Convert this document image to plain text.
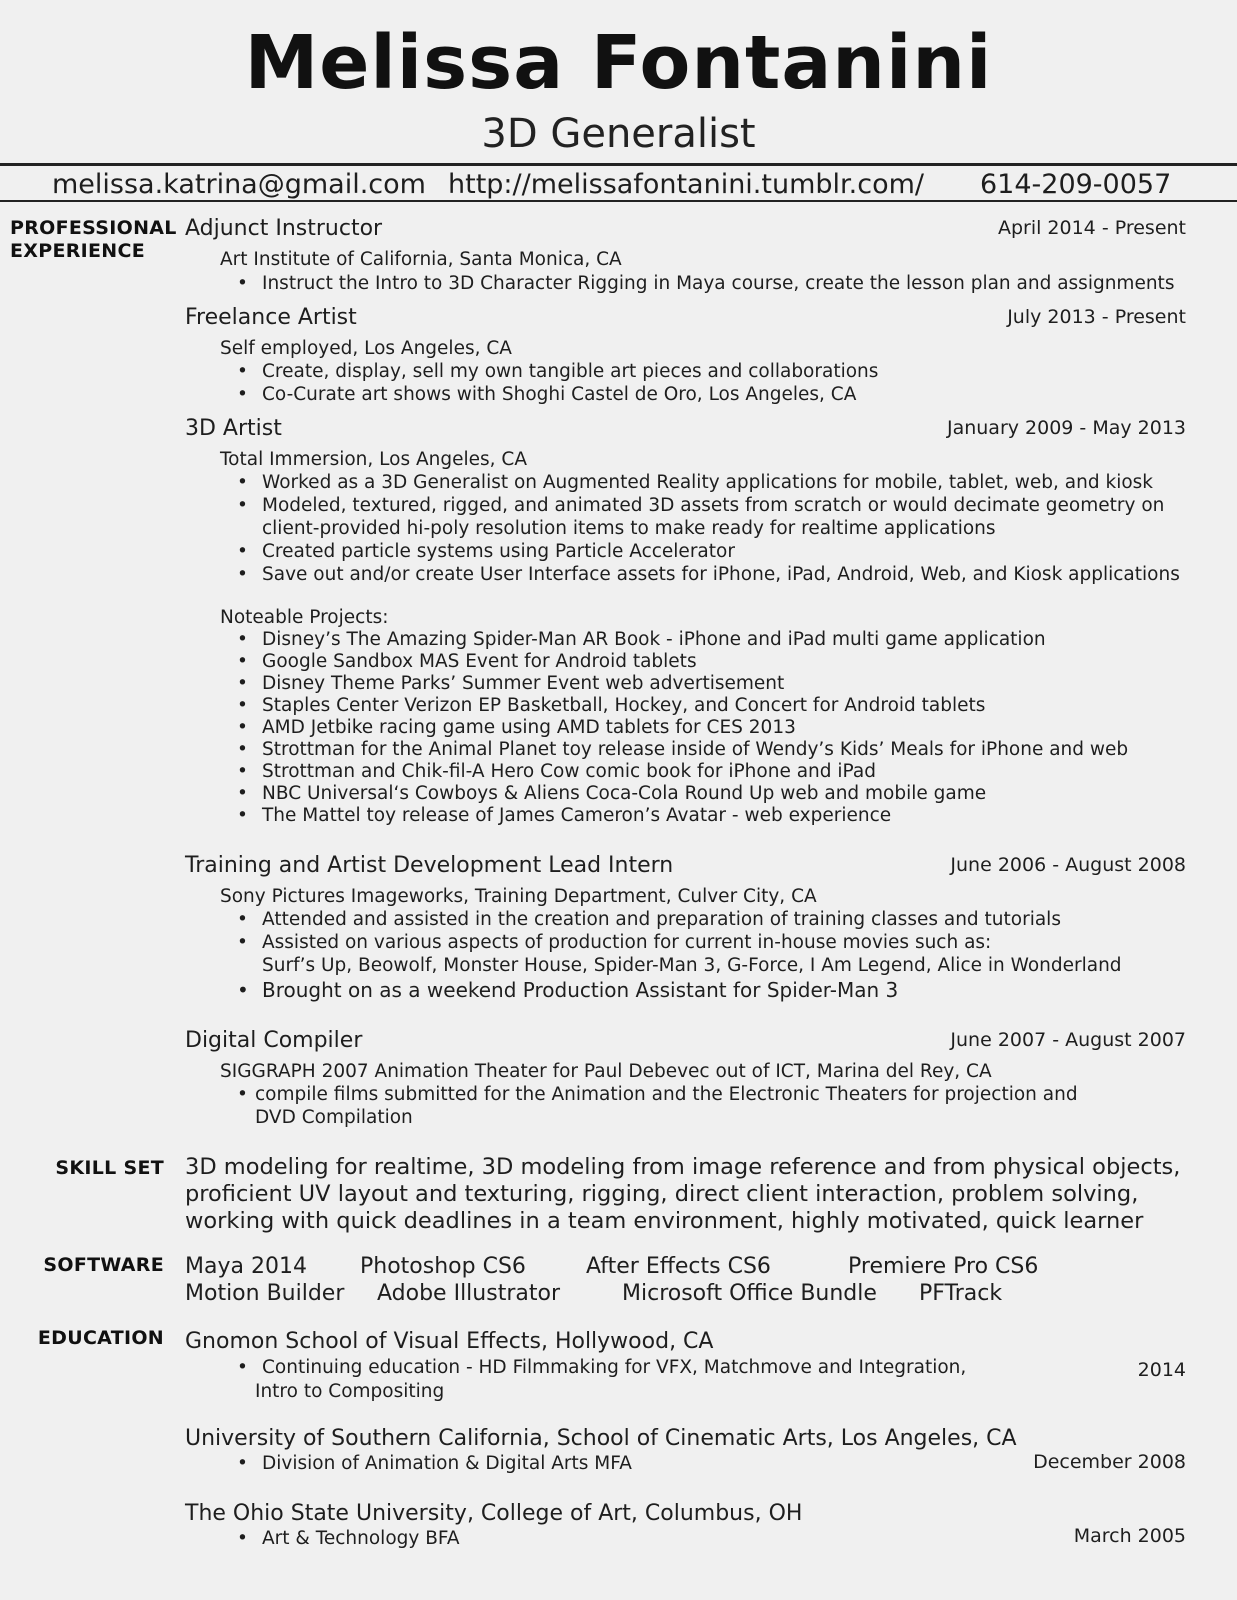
Melissa Fontanini
3D Generalist
melissa.katrina@gmail.com http://melissafontanini.tumblr.com/ 614-209-0057
PROFESSIONAL
EXPERIENCE
SKILL SET
SOFTWARE
EDUCATION
Adjunct Instructor	April 2014 - Present
Art Institute of California, Santa Monica, CA
• Instruct the Intro to 3D Character Rigging in Maya course, create the lesson plan and assignments
Freelance Artist	July 2013 - Present
Self employed, Los Angeles, CA
• Create, display, sell my own tangible art pieces and collaborations
• Co-Curate art shows with Shoghi Castel de Oro, Los Angeles, CA
3D Artist	January 2009 - May 2013
Total Immersion, Los Angeles, CA
• Worked as a 3D Generalist on Augmented Reality applications for mobile, tablet, web, and kiosk
• Modeled, textured, rigged, and animated 3D assets from scratch or would decimate geometry on
client-provided hi-poly resolution items to make ready for realtime applications
• Created particle systems using Particle Accelerator
• Save out and/or create User Interface assets for iPhone, iPad, Android, Web, and Kiosk applications
Noteable Projects:
• Disney’s The Amazing Spider-Man AR Book - iPhone and iPad multi game application
• Google Sandbox MAS Event for Android tablets
• Disney Theme Parks’ Summer Event web advertisement
• Staples Center Verizon EP Basketball, Hockey, and Concert for Android tablets
• AMD Jetbike racing game using AMD tablets for CES 2013
• Strottman for the Animal Planet toy release inside of Wendy’s Kids’ Meals for iPhone and web
• Strottman and Chik-fil-A Hero Cow comic book for iPhone and iPad
• NBC Universal‘s Cowboys & Aliens Coca-Cola Round Up web and mobile game
• The Mattel toy release of James Cameron’s Avatar - web experience
Training and Artist Development Lead Intern	June 2006 - August 2008
Sony Pictures Imageworks, Training Department, Culver City, CA
• Attended and assisted in the creation and preparation of training classes and tutorials
• Assisted on various aspects of production for current in-house movies such as:
Surf’s Up, Beowolf, Monster House, Spider-Man 3, G-Force, I Am Legend, Alice in Wonderland
• Brought on as a weekend Production Assistant for Spider-Man 3
Digital Compiler	June 2007 - August 2007
SIGGRAPH 2007 Animation Theater for Paul Debevec out of ICT, Marina del Rey, CA
• compile films submitted for the Animation and the Electronic Theaters for projection and
DVD Compilation
3D modeling for realtime, 3D modeling from image reference and from physical objects,
proficient UV layout and texturing, rigging, direct client interaction, problem solving,
working with quick deadlines in a team environment, highly motivated, quick learner
Maya 2014 Photoshop CS6	After Effects CS6	Premiere Pro CS6
Motion Builder Adobe Illustrator	Microsoft Office Bundle PFTrack
Gnomon School of Visual Effects, Hollywood, CA
• Continuing education - HD Filmmaking for VFX, Matchmove and Integration,
Intro to Compositing
2014
University of Southern California, School of Cinematic Arts, Los Angeles, CA
• Division of Animation & Digital Arts MFA	December 2008
The Ohio State University, College of Art, Columbus, OH
• Art & Technology BFA	March 2005
